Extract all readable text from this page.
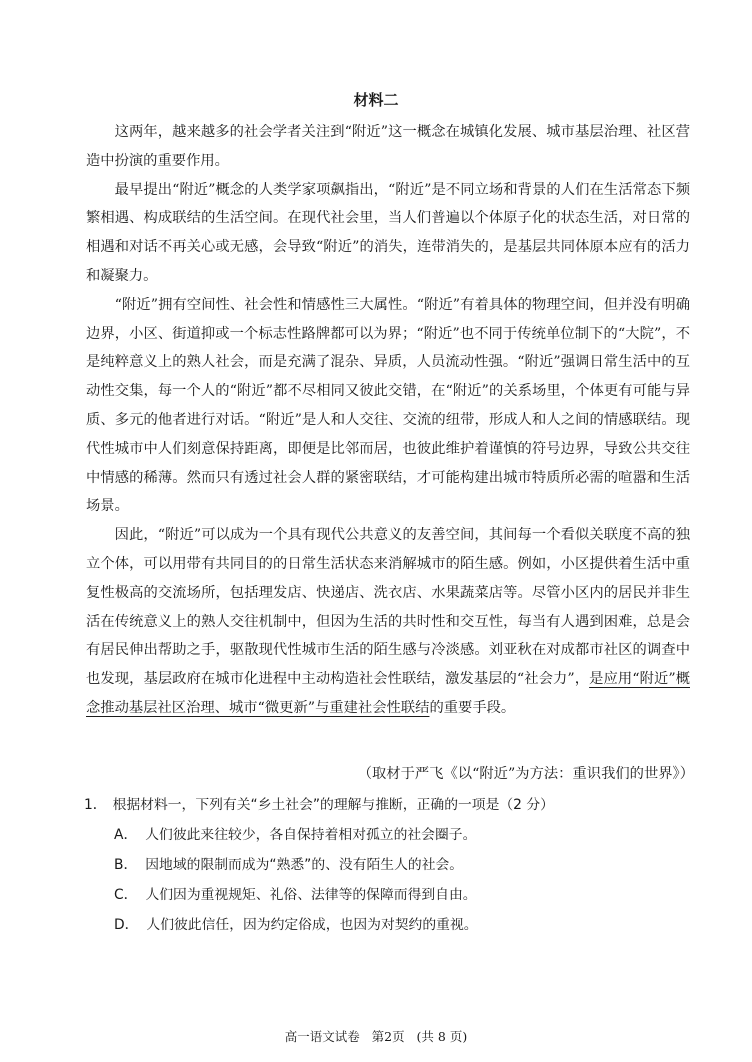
材料二

这两年，越来越多的社会学者关注到“附近”这一概念在城镇化发展、城市基层治理、社区营造中扮演的重要作用。

最早提出“附近”概念的人类学家项飙指出，“附近”是不同立场和背景的人们在生活常态下频繁相遇、构成联结的生活空间。在现代社会里，当人们普遍以个体原子化的状态生活，对日常的相遇和对话不再关心或无感，会导致“附近”的消失，连带消失的，是基层共同体原本应有的活力和凝聚力。

“附近”拥有空间性、社会性和情感性三大属性。“附近”有着具体的物理空间，但并没有明确边界，小区、街道抑或一个标志性路牌都可以为界；“附近”也不同于传统单位制下的“大院”，不是纯粹意义上的熟人社会，而是充满了混杂、异质，人员流动性强。“附近”强调日常生活中的互动性交集，每一个人的“附近”都不尽相同又彼此交错，在“附近”的关系场里，个体更有可能与异质、多元的他者进行对话。“附近”是人和人交往、交流的纽带，形成人和人之间的情感联结。现代性城市中人们刻意保持距离，即便是比邻而居，也彼此维护着谨慎的符号边界，导致公共交往中情感的稀薄。然而只有透过社会人群的紧密联结，才可能构建出城市特质所必需的喧嚣和生活场景。

因此，“附近”可以成为一个具有现代公共意义的友善空间，其间每一个看似关联度不高的独立个体，可以用带有共同目的的日常生活状态来消解城市的陌生感。例如，小区提供着生活中重复性极高的交流场所，包括理发店、快递店、洗衣店、水果蔬菜店等。尽管小区内的居民并非生活在传统意义上的熟人交往机制中，但因为生活的共时性和交互性，每当有人遇到困难，总是会有居民伸出帮助之手，驱散现代性城市生活的陌生感与冷淡感。刘亚秋在对成都市社区的调查中也发现，基层政府在城市化进程中主动构造社会性联结，激发基层的“社会力”，是应用“附近”概念推动基层社区治理、城市“微更新”与重建社会性联结的重要手段。

（取材于严飞《以“附近”为方法：重识我们的世界》）

1． 根据材料一，下列有关“乡土社会”的理解与推断，正确的一项是（2 分）

A． 人们彼此来往较少，各自保持着相对孤立的社会圈子。
B． 因地域的限制而成为“熟悉”的、没有陌生人的社会。
C． 人们因为重视规矩、礼俗、法律等的保障而得到自由。
D． 人们彼此信任，因为约定俗成，也因为对契约的重视。
高一语文试卷   第2页   (共 8 页)
